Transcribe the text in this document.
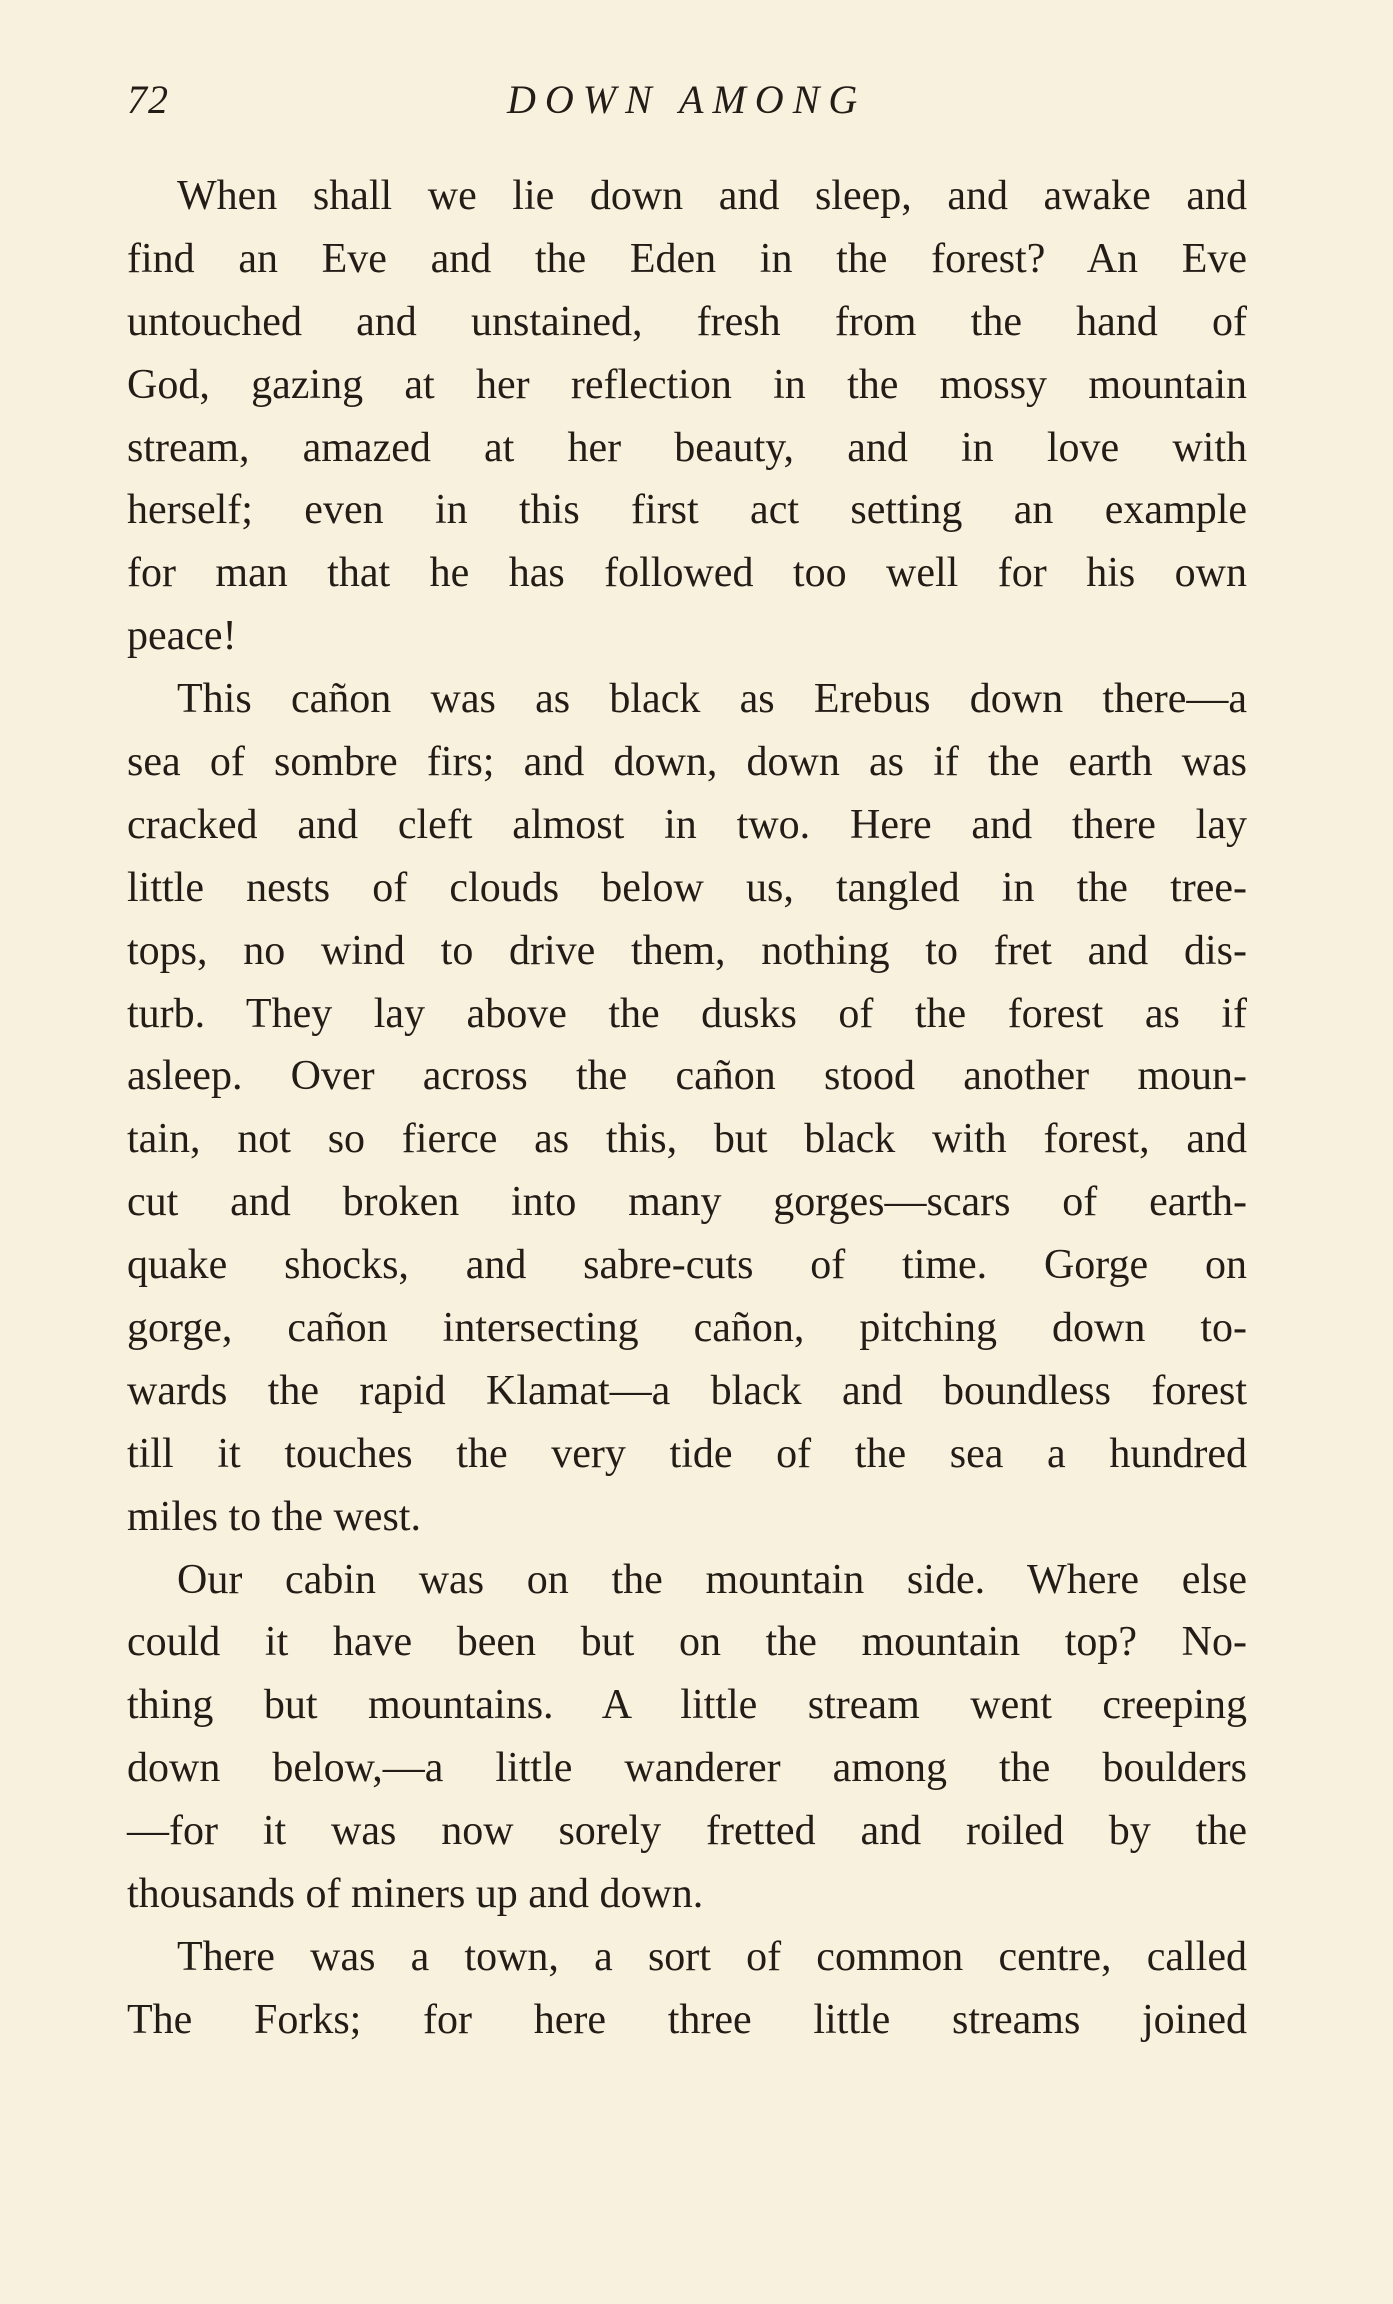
72	DOWN AMONG
When shall we lie down and sleep, and awake and
find an Eve and the Eden in the forest? An Eve
untouched and unstained, fresh from the hand of
God, gazing at her reflection in the mossy mountain
stream, amazed at her beauty, and in love with
herself; even in this first act setting an example
for man that he has followed too well for his own
peace!
This cañon was as black as Erebus down there—a
sea of sombre firs; and down, down as if the earth was
cracked and cleft almost in two. Here and there lay
little nests of clouds below us, tangled in the tree-
tops, no wind to drive them, nothing to fret and dis-
turb. They lay above the dusks of the forest as if
asleep. Over across the cañon stood another moun-
tain, not so fierce as this, but black with forest, and
cut and broken into many gorges—scars of earth-
quake shocks, and sabre-cuts of time. Gorge on
gorge, cañon intersecting cañon, pitching down to-
wards the rapid Klamat—a black and boundless forest
till it touches the very tide of the sea a hundred
miles to the west.
Our cabin was on the mountain side. Where else
could it have been but on the mountain top? No-
thing but mountains. A little stream went creeping
down below,—a little wanderer among the boulders
—for it was now sorely fretted and roiled by the
thousands of miners up and down.
There was a town, a sort of common centre, called
The Forks; for here three little streams joined
